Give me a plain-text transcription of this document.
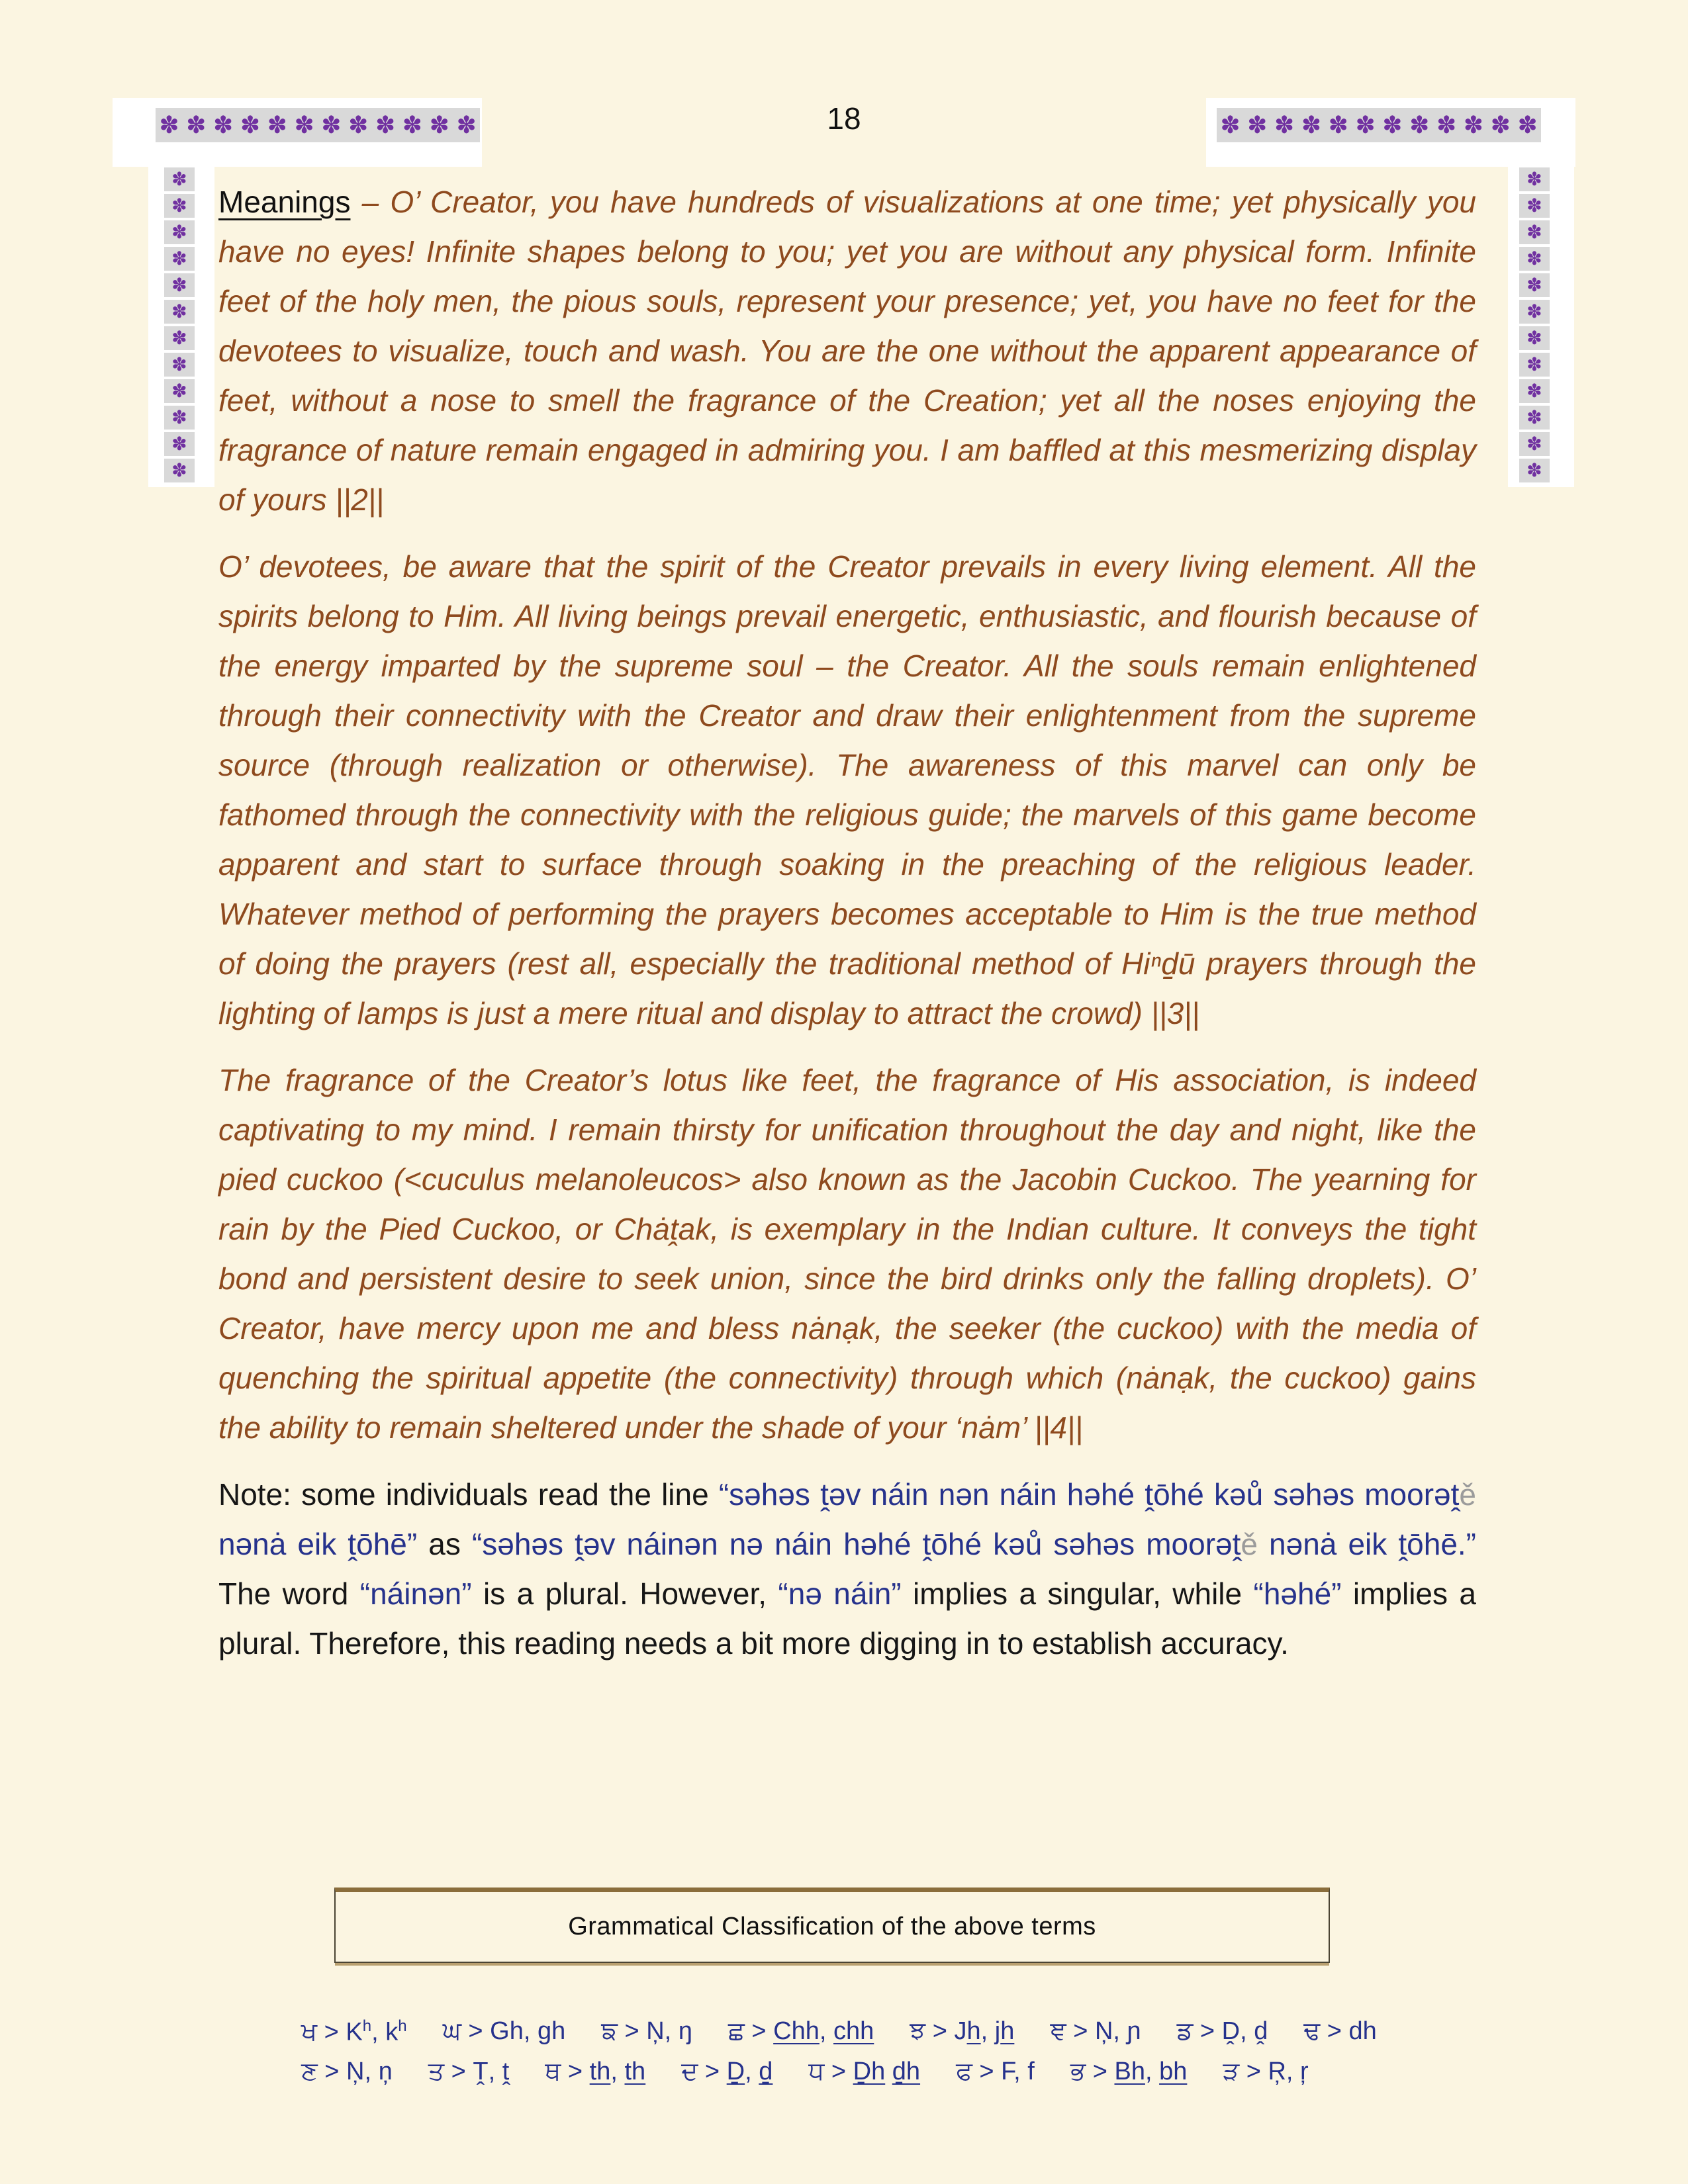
✽ ✽ ✽ ✽ ✽ ✽ ✽ ✽ ✽ ✽ ✽ ✽	✽ ✽ ✽ ✽ ✽ ✽ ✽ ✽ ✽ ✽ ✽ ✽
✽
✽
✽
✽
✽
✽
✽
✽
✽
✽
✽
✽
✽
✽
✽
✽
✽
✽
✽
✽
✽
✽
✽
✽
18

Meanings – O’ Creator, you have hundreds of visualizations at one time; yet physically you have no eyes! Infinite shapes belong to you; yet you are without any physical form. Infinite feet of the holy men, the pious souls, represent your presence; yet, you have no feet for the devotees to visualize, touch and wash. You are the one without the apparent appearance of feet, without a nose to smell the fragrance of the Creation; yet all the noses enjoying the fragrance of nature remain engaged in admiring you. I am baffled at this mesmerizing display of yours ||2||

O’ devotees, be aware that the spirit of the Creator prevails in every living element. All the spirits belong to Him. All living beings prevail energetic, enthusiastic, and flourish because of the energy imparted by the supreme soul – the Creator. All the souls remain enlightened through their connectivity with the Creator and draw their enlightenment from the supreme source (through realization or otherwise). The awareness of this marvel can only be fathomed through the connectivity with the religious guide; the marvels of this game become apparent and start to surface through soaking in the preaching of the religious leader. Whatever method of performing the prayers becomes acceptable to Him is the true method of doing the prayers (rest all, especially the traditional method of Hiⁿḏū prayers through the lighting of lamps is just a mere ritual and display to attract the crowd) ||3||

The fragrance of the Creator’s lotus like feet, the fragrance of His association, is indeed captivating to my mind. I remain thirsty for unification throughout the day and night, like the pied cuckoo (<cuculus melanoleucos> also known as the Jacobin Cuckoo. The yearning for rain by the Pied Cuckoo, or Chȧṱak, is exemplary in the Indian culture. It conveys the tight bond and persistent desire to seek union, since the bird drinks only the falling droplets). O’ Creator, have mercy upon me and bless nȧnạk, the seeker (the cuckoo) with the media of quenching the spiritual appetite (the connectivity) through which (nȧnạk, the cuckoo) gains the ability to remain sheltered under the shade of your ‘nȧm’ ||4||

Note: some individuals read the line “səhəs ṱəv náin nən náin həhé ṱōhé kəů səhəs moorəṱě nənȧ eik ṱōhē” as “səhəs ṱəv náinən nə náin həhé ṱōhé kəů səhəs moorəṱě nənȧ eik ṱōhē.” The word “náinən” is a plural. However, “nə náin” implies a singular, while “həhé” implies a plural. Therefore, this reading needs a bit more digging in to establish accuracy.

Grammatical Classification of the above terms
ਖ > $K^h$, $k^h$ ਘ > Gh, gh ਙ > Ņ, ŋ ਛ > Chh, chh ਝ > Jh, jh ਞ > Ņ, ɲ ਡ > Ḓ, ḓ ਢ > dh
ਣ > Ņ, ņ ਤ > Ṱ, ṱ ਥ > th, th ਦ > Ḏ, ḏ ਧ > Ḏh ḏh ਫ > F, f ਭ > Bh, bh ੜ > Ŗ, ŗ
